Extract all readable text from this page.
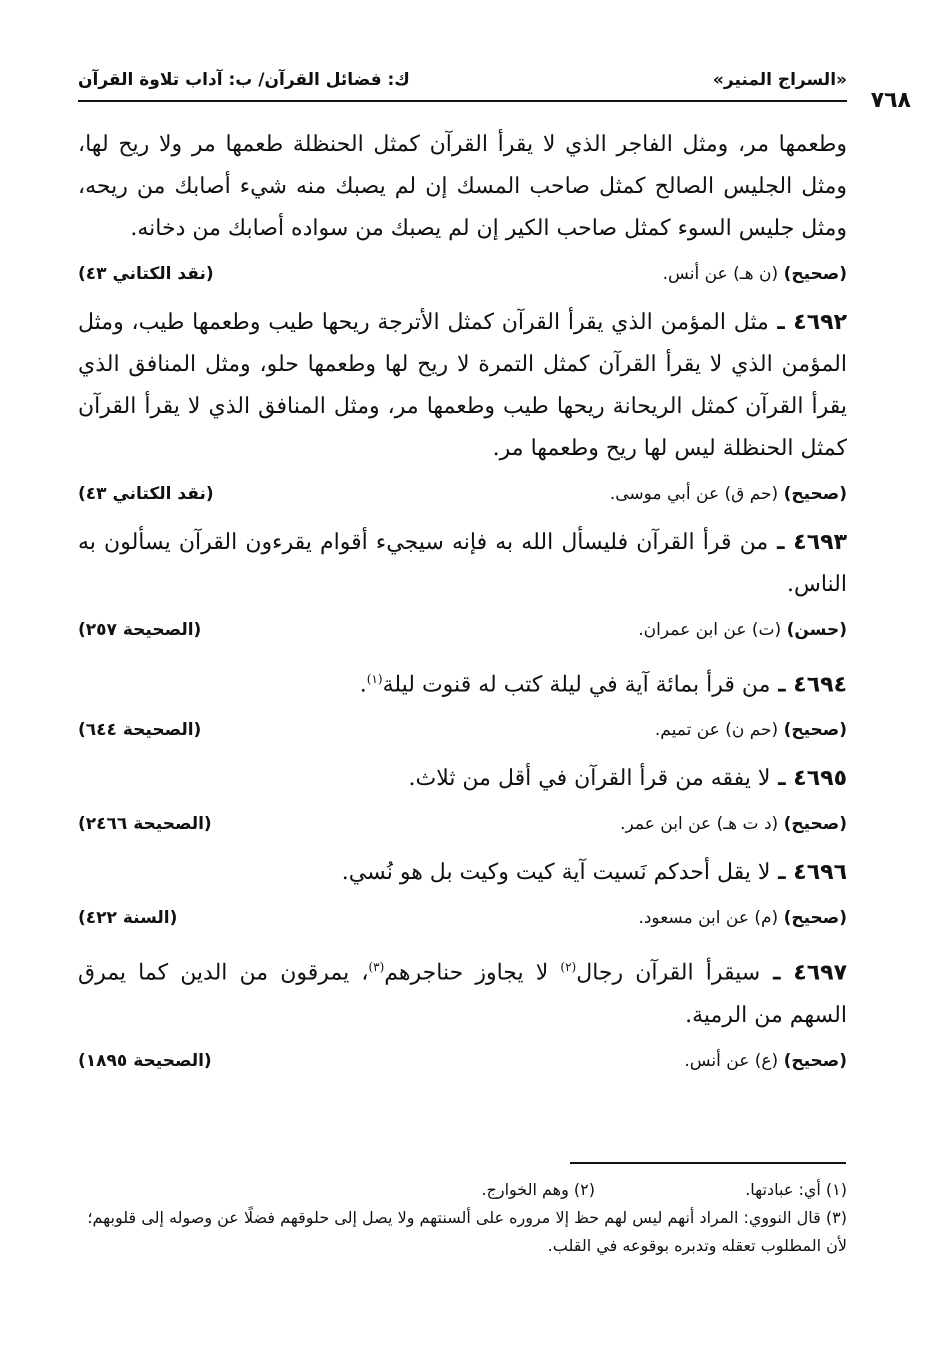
«السراج المنير»
ك: فضائل القرآن/ ب: آداب تلاوة القرآن
٧٦٨

وطعمها مر، ومثل الفاجر الذي لا يقرأ القرآن كمثل الحنظلة طعمها مر ولا ريح لها، ومثل الجليس الصالح كمثل صاحب المسك إن لم يصبك منه شيء أصابك من ريحه، ومثل جليس السوء كمثل صاحب الكير إن لم يصبك من سواده أصابك من دخانه.

(صحيح) (ن هـ) عن أنس.
(نقد الكتاني ٤٣)

٤٦٩٢ ـ مثل المؤمن الذي يقرأ القرآن كمثل الأترجة ريحها طيب وطعمها طيب، ومثل المؤمن الذي لا يقرأ القرآن كمثل التمرة لا ريح لها وطعمها حلو، ومثل المنافق الذي يقرأ القرآن كمثل الريحانة ريحها طيب وطعمها مر، ومثل المنافق الذي لا يقرأ القرآن كمثل الحنظلة ليس لها ريح وطعمها مر.

(صحيح) (حم ق) عن أبي موسى.
(نقد الكتاني ٤٣)

٤٦٩٣ ـ من قرأ القرآن فليسأل الله به فإنه سيجيء أقوام يقرءون القرآن يسألون به الناس.

(حسن) (ت) عن ابن عمران.
(الصحيحة ٢٥٧)

٤٦٩٤ ـ من قرأ بمائة آية في ليلة كتب له قنوت ليلة$^{(١)}$.

(صحيح) (حم ن) عن تميم.
(الصحيحة ٦٤٤)

٤٦٩٥ ـ لا يفقه من قرأ القرآن في أقل من ثلاث.

(صحيح) (د ت هـ) عن ابن عمر.
(الصحيحة ٢٤٦٦)

٤٦٩٦ ـ لا يقل أحدكم نَسيت آية كيت وكيت بل هو نُسي.

(صحيح) (م) عن ابن مسعود.
(السنة ٤٢٢)

٤٦٩٧ ـ سيقرأ القرآن رجال$^{(٢)}$ لا يجاوز حناجرهم$^{(٣)}$، يمرقون من الدين كما يمرق السهم من الرمية.

(صحيح) (ع) عن أنس.
(الصحيحة ١٨٩٥)
(١) أي: عبادتها.  (٢) وهم الخوارج.
(٣) قال النووي: المراد أنهم ليس لهم حظ إلا مروره على ألسنتهم ولا يصل إلى حلوقهم فضلًا عن وصوله إلى قلوبهم؛ لأن المطلوب تعقله وتدبره بوقوعه في القلب.
